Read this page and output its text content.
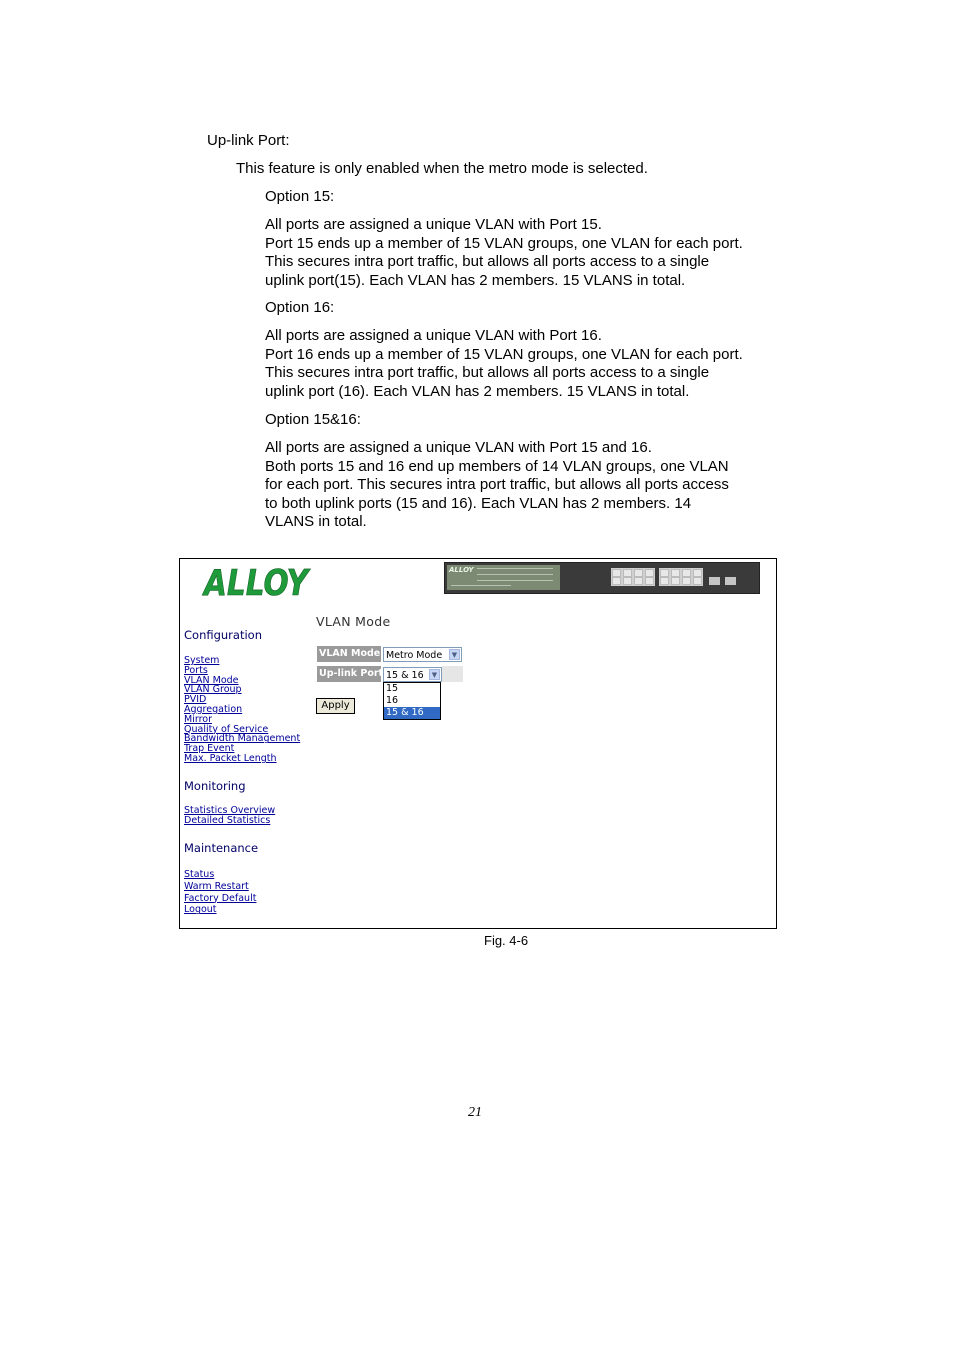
Up-link Port:
This feature is only enabled when the metro mode is selected.
Option 15:
All ports are assigned a unique VLAN with Port 15.
Port 15 ends up a member of 15 VLAN groups, one VLAN for each port.
This secures intra port traffic, but allows all ports access to a single
uplink port(15). Each VLAN has 2 members. 15 VLANS in total.
Option 16:
All ports are assigned a unique VLAN with Port 16.
Port 16 ends up a member of 15 VLAN groups, one VLAN for each port.
This secures intra port traffic, but allows all ports access to a single
uplink port (16). Each VLAN has 2 members. 15 VLANS in total.
Option 15&16:
All ports are assigned a unique VLAN with Port 15 and 16.
Both ports 15 and 16 end up members of 14 VLAN groups, one VLAN
for each port. This secures intra port traffic, but allows all ports access
to both uplink ports (15 and 16). Each VLAN has 2 members. 14
VLANS in total.
ALLOY	ALLOY
VLAN Mode
Configuration
System
Ports
VLAN Mode
VLAN Group
PVID
Aggregation
Mirror
Quality of Service
Bandwidth Management
Trap Event
Max. Packet Length
Monitoring
Statistics Overview
Detailed Statistics
Maintenance
Status
Warm Restart
Factory Default
Logout
VLAN Mode Metro Mode	▼
Up-link Port 15 & 16	▼
15
16
15 & 16
Apply
Fig. 4-6
21
